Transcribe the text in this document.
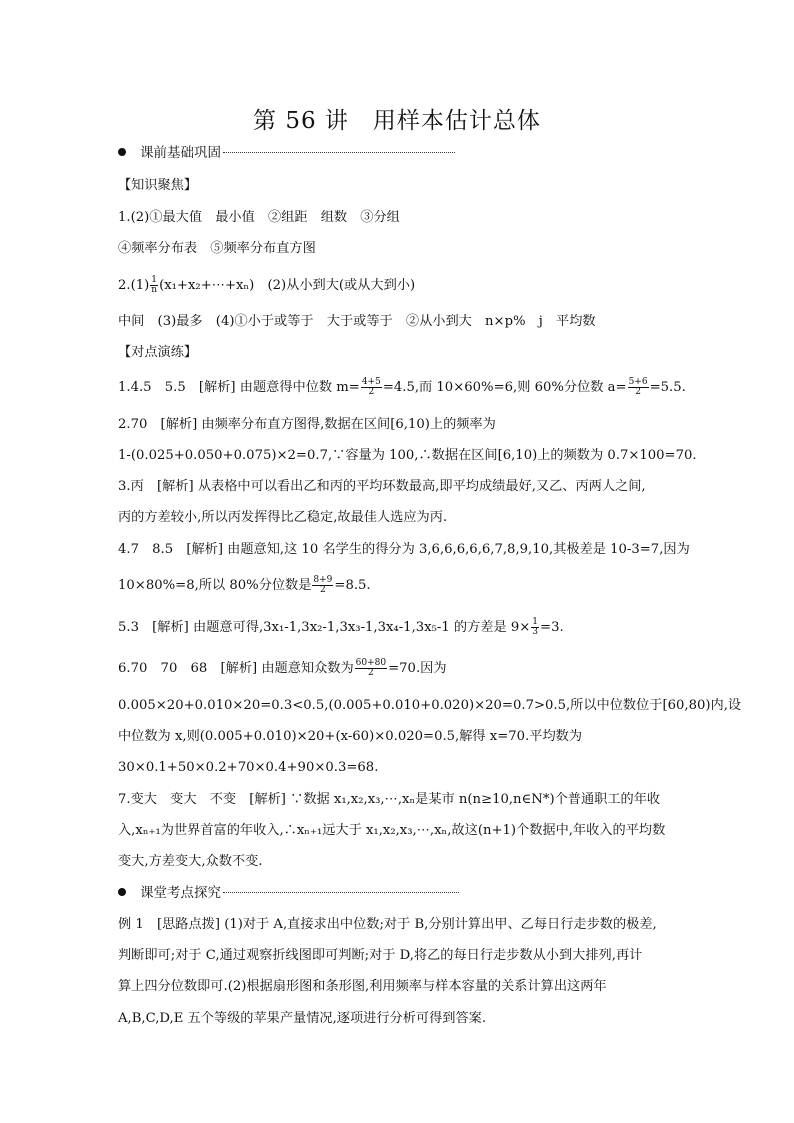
第 56 讲　用样本估计总体
课前基础巩固
【知识聚焦】
1.(2)①最大值　最小值　②组距　组数　③分组
④频率分布表　⑤频率分布直方图
$2.(1) \frac{1}{n}$ (x₁+x₂+⋯+xₙ)　(2)从小到大(或从大到小)
中间　(3)最多　(4)①小于或等于　大于或等于　②从小到大　n×p%　j　平均数
【对点演练】
1.4.5　5.5　[解析] 由题意得中位数 $m= \frac{4+5}{2} =4.5$,而 10×60%=6,则 60%分位数 $a= \frac{5+6}{2} =5.5$.
2.70　[解析] 由频率分布直方图得,数据在区间[6,10)上的频率为
1-(0.025+0.050+0.075)×2=0.7,∵容量为 100,∴数据在区间[6,10)上的频数为 0.7×100=70.
3.丙　[解析] 从表格中可以看出乙和丙的平均环数最高,即平均成绩最好,又乙、丙两人之间,
丙的方差较小,所以丙发挥得比乙稳定,故最佳人选应为丙.
4.7　8.5　[解析] 由题意知,这 10 名学生的得分为 3,6,6,6,6,6,7,8,9,10,其极差是 10-3=7,因为
10×80%=8,所以 80%分位数是 $\frac{8+9}{2} =8.5$.
5.3　[解析] 由题意可得,3x₁-1,3x₂-1,3x₃-1,3x₄-1,3x₅-1 的方差是 $9\times \frac{1}{3} =3$.
6.70　70　68　[解析] 由题意知众数为 $\frac{60+80}{2} =70$.因为
0.005×20+0.010×20=0.3<0.5,(0.005+0.010+0.020)×20=0.7>0.5,所以中位数位于[60,80)内,设
中位数为 x,则(0.005+0.010)×20+(x-60)×0.020=0.5,解得 x=70.平均数为
30×0.1+50×0.2+70×0.4+90×0.3=68.
7.变大　变大　不变　[解析] ∵数据 x₁,x₂,x₃,⋯,xₙ是某市 n(n≥10,n∈N*)个普通职工的年收
入,xₙ₊₁为世界首富的年收入,∴xₙ₊₁远大于 x₁,x₂,x₃,⋯,xₙ,故这(n+1)个数据中,年收入的平均数
变大,方差变大,众数不变.
课堂考点探究
例 1　[思路点拨] (1)对于 A,直接求出中位数;对于 B,分别计算出甲、乙每日行走步数的极差,
判断即可;对于 C,通过观察折线图即可判断;对于 D,将乙的每日行走步数从小到大排列,再计
算上四分位数即可.(2)根据扇形图和条形图,利用频率与样本容量的关系计算出这两年
A,B,C,D,E 五个等级的苹果产量情况,逐项进行分析可得到答案.
